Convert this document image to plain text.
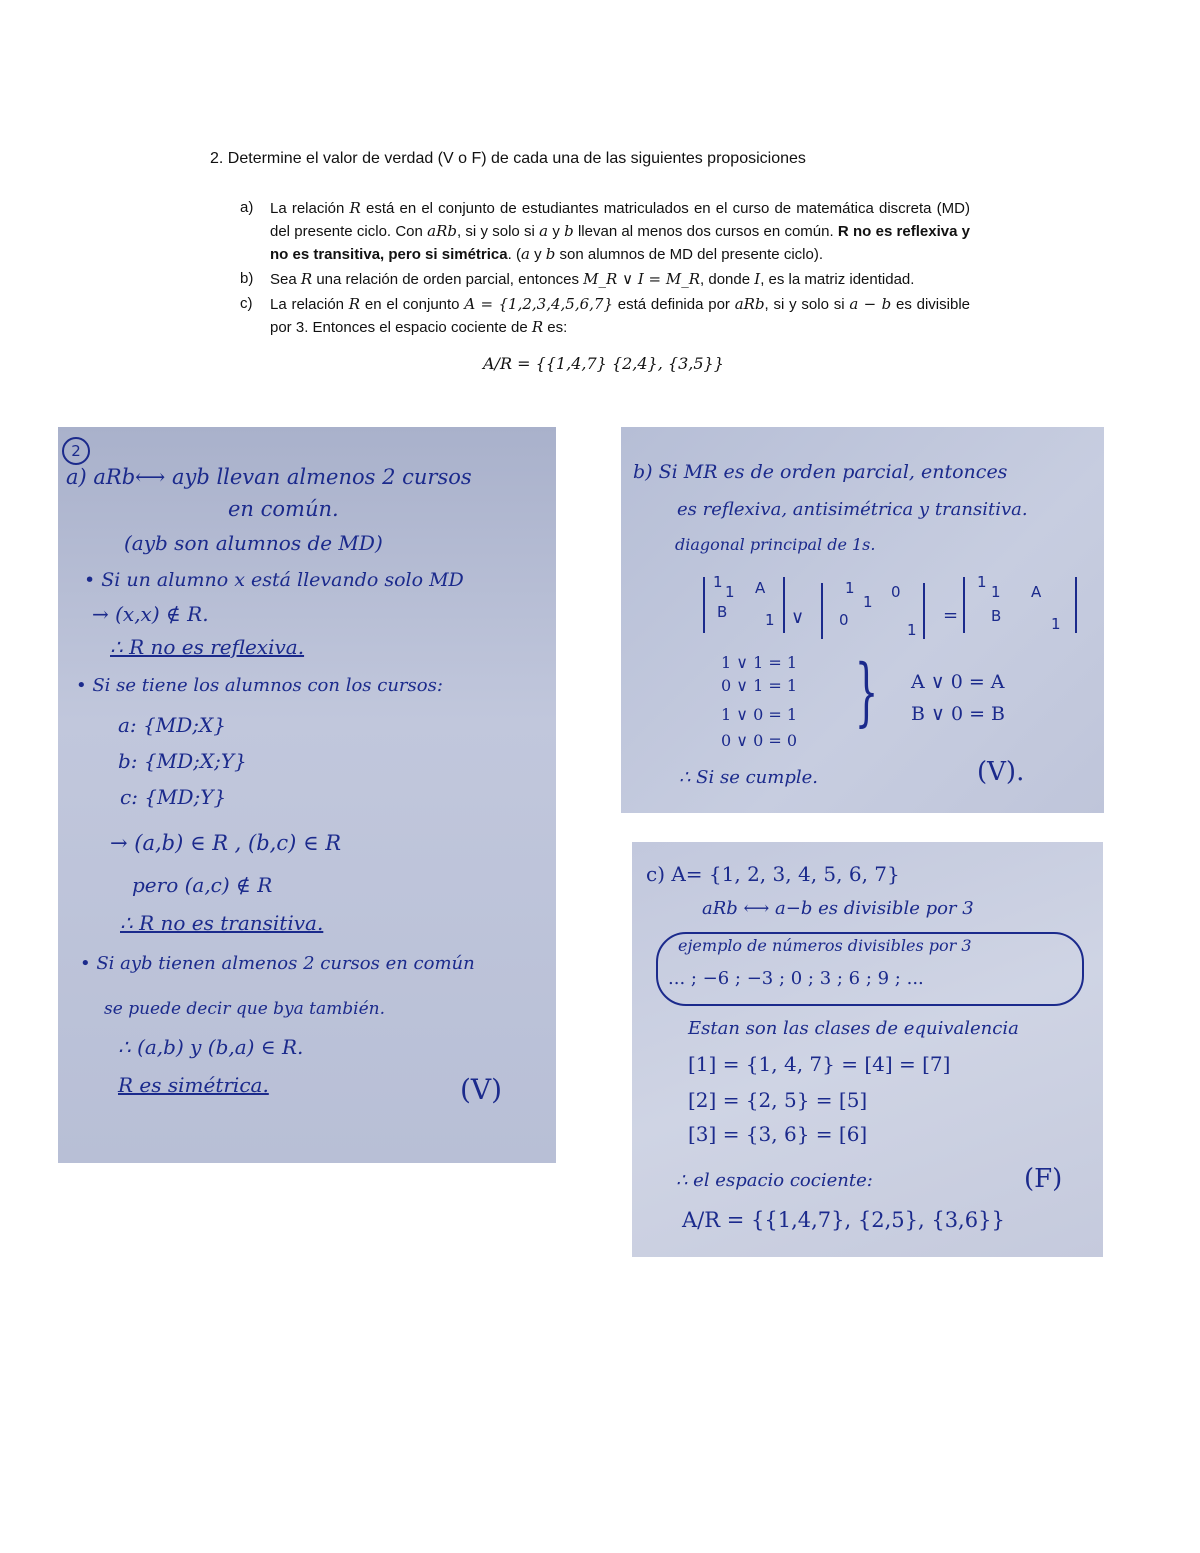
2. Determine el valor de verdad (V o F) de cada una de las siguientes proposiciones
a) La relación R está en el conjunto de estudiantes matriculados en el curso de matemática discreta (MD) del presente ciclo. Con aRb, si y solo si a y b llevan al menos dos cursos en común. R no es reflexiva y no es transitiva, pero si simétrica. (a y b son alumnos de MD del presente ciclo).
b) Sea R una relación de orden parcial, entonces M_R ∨ I = M_R, donde I, es la matriz identidad.
c) La relación R en el conjunto A = {1,2,3,4,5,6,7} está definida por aRb, si y solo si a − b es divisible por 3. Entonces el espacio cociente de R es:
A/R = {{1,4,7} {2,4}, {3,5}}
2
a) aRb⟷ ayb llevan almenos 2 cursos
en común.
(ayb son alumnos de MD)
• Si un alumno x está llevando solo MD
→ (x,x) ∉ R.
∴ R no es reflexiva.
• Si se tiene los alumnos con los cursos:
a: {MD;X}
b: {MD;X;Y}
c: {MD;Y}
→ (a,b) ∈ R , (b,c) ∈ R
pero (a,c) ∉ R
∴ R no es transitiva.
• Si ayb tienen almenos 2 cursos en común
se puede decir que bya también.
∴ (a,b) y (b,a) ∈ R.
R es simétrica.	(V)
b) Si MR es de orden parcial, entonces
es reflexiva, antisimétrica y transitiva.
diagonal principal de 1s.
1
1 A
B	1 ∨
1
1
0
0
1
=
1
1 A
B	1
1 ∨ 1 = 1
0 ∨ 1 = 1
1 ∨ 0 = 1
0 ∨ 0 = 0
} A ∨ 0 = A
B ∨ 0 = B
∴ Si se cumple.	(V).
c) A= {1, 2, 3, 4, 5, 6, 7}
aRb ⟷ a−b es divisible por 3
ejemplo de números divisibles por 3
... ; −6 ; −3 ; 0 ; 3 ; 6 ; 9 ; ...
Estan son las clases de equivalencia
[1] = {1, 4, 7} = [4] = [7]
[2] = {2, 5} = [5]
[3] = {3, 6} = [6]
∴ el espacio cociente:	(F)
A/R = {{1,4,7}, {2,5}, {3,6}}
